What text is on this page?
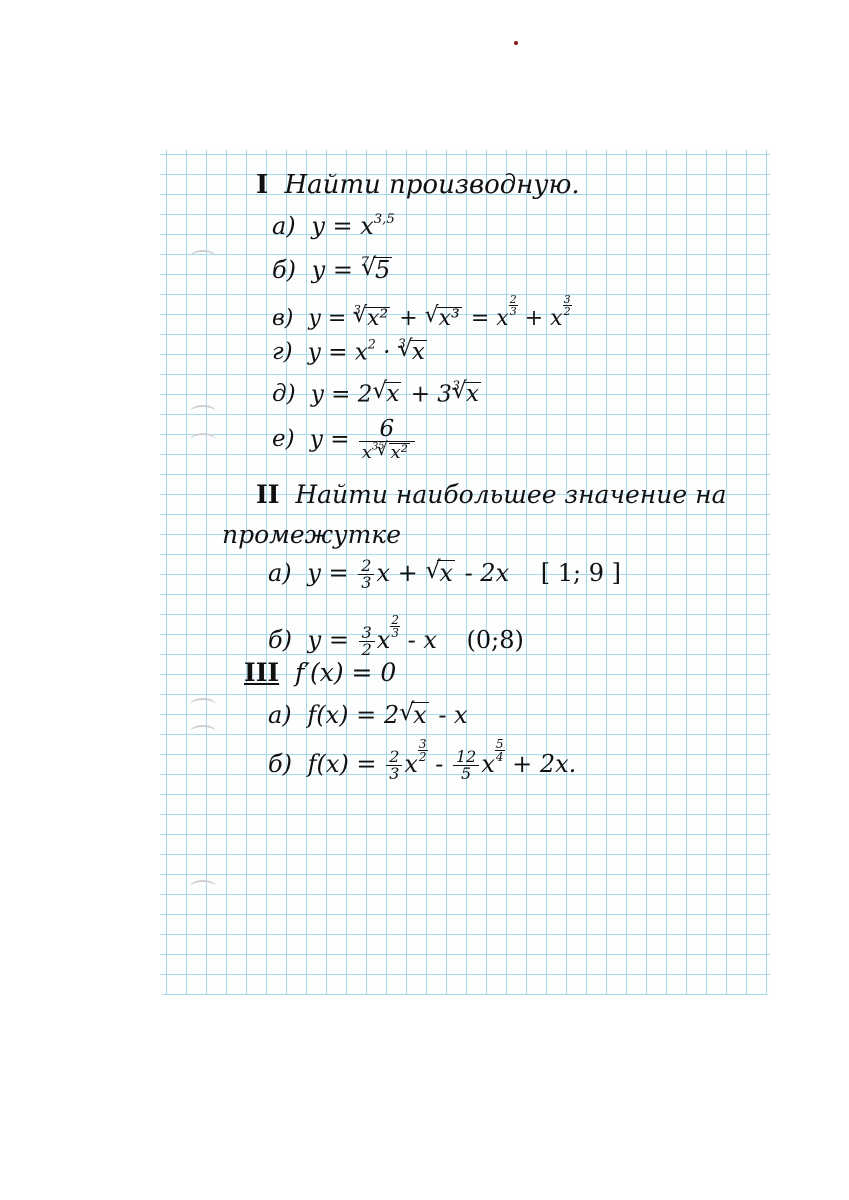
I Найти производную.
а) $y = x^{3,5}$
б) y = $^7$√ 5
в) y = $^3$√ x² + √ x³ = x
$\frac{2}{3}$
+ x
$\frac{3}{2}$
г) $y = x^2 \cdot ^3√$ x
д) y = 2√ $x + 3^3√$ x
е) $y = \frac{6}{x^{35}√ x^2}$
II Найти наибольшее значение на
промежутке
а) $y = \frac{2}{3}$ x + √ x - 2x [ 1; 9 ]
б) $y = \frac{3}{2}$ x $\frac{2}{3}$ - x (0;8)
III f′(x) = 0
а) f(x) = 2√ x - x
б) $f(x) = \frac{2}{3}$ x $\frac{3}{2} - \frac{12}{5}$ x $\frac{5}{4} + 2x$.
